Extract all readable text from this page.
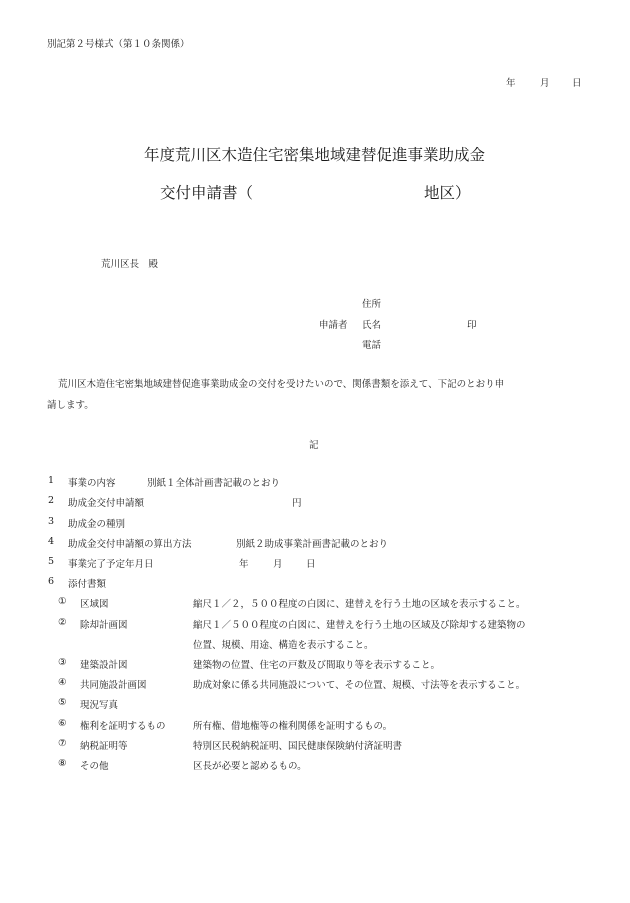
別記第２号様式（第１０条関係）
年	月 日
年度荒川区木造住宅密集地域建替促進事業助成金
交付申請書（	地区）
荒川区長　殿
住所
申請者 氏名	印
電話
荒川区木造住宅密集地域建替促進事業助成金の交付を受けたいので、関係書類を添えて、下記のとおり申
請します。
記
1 事業の内容	別紙１全体計画書記載のとおり
2 助成金交付申請額	円
3 助成金の種別
4 助成金交付申請額の算出方法	別紙２助成事業計画書記載のとおり
5 事業完了予定年月日	年	月 日
6 添付書類
① 区域図	縮尺１／２，５００程度の白図に、建替えを行う土地の区域を表示すること。
② 除却計画図	縮尺１／５００程度の白図に、建替えを行う土地の区域及び除却する建築物の
位置、規模、用途、構造を表示すること。
③ 建築設計図	建築物の位置、住宅の戸数及び間取り等を表示すること。
④ 共同施設計画図	助成対象に係る共同施設について、その位置、規模、寸法等を表示すること。
⑤ 現況写真
⑥ 権利を証明するもの	所有権、借地権等の権利関係を証明するもの。
⑦ 納税証明等	特別区民税納税証明、国民健康保険納付済証明書
⑧ その他	区長が必要と認めるもの。
